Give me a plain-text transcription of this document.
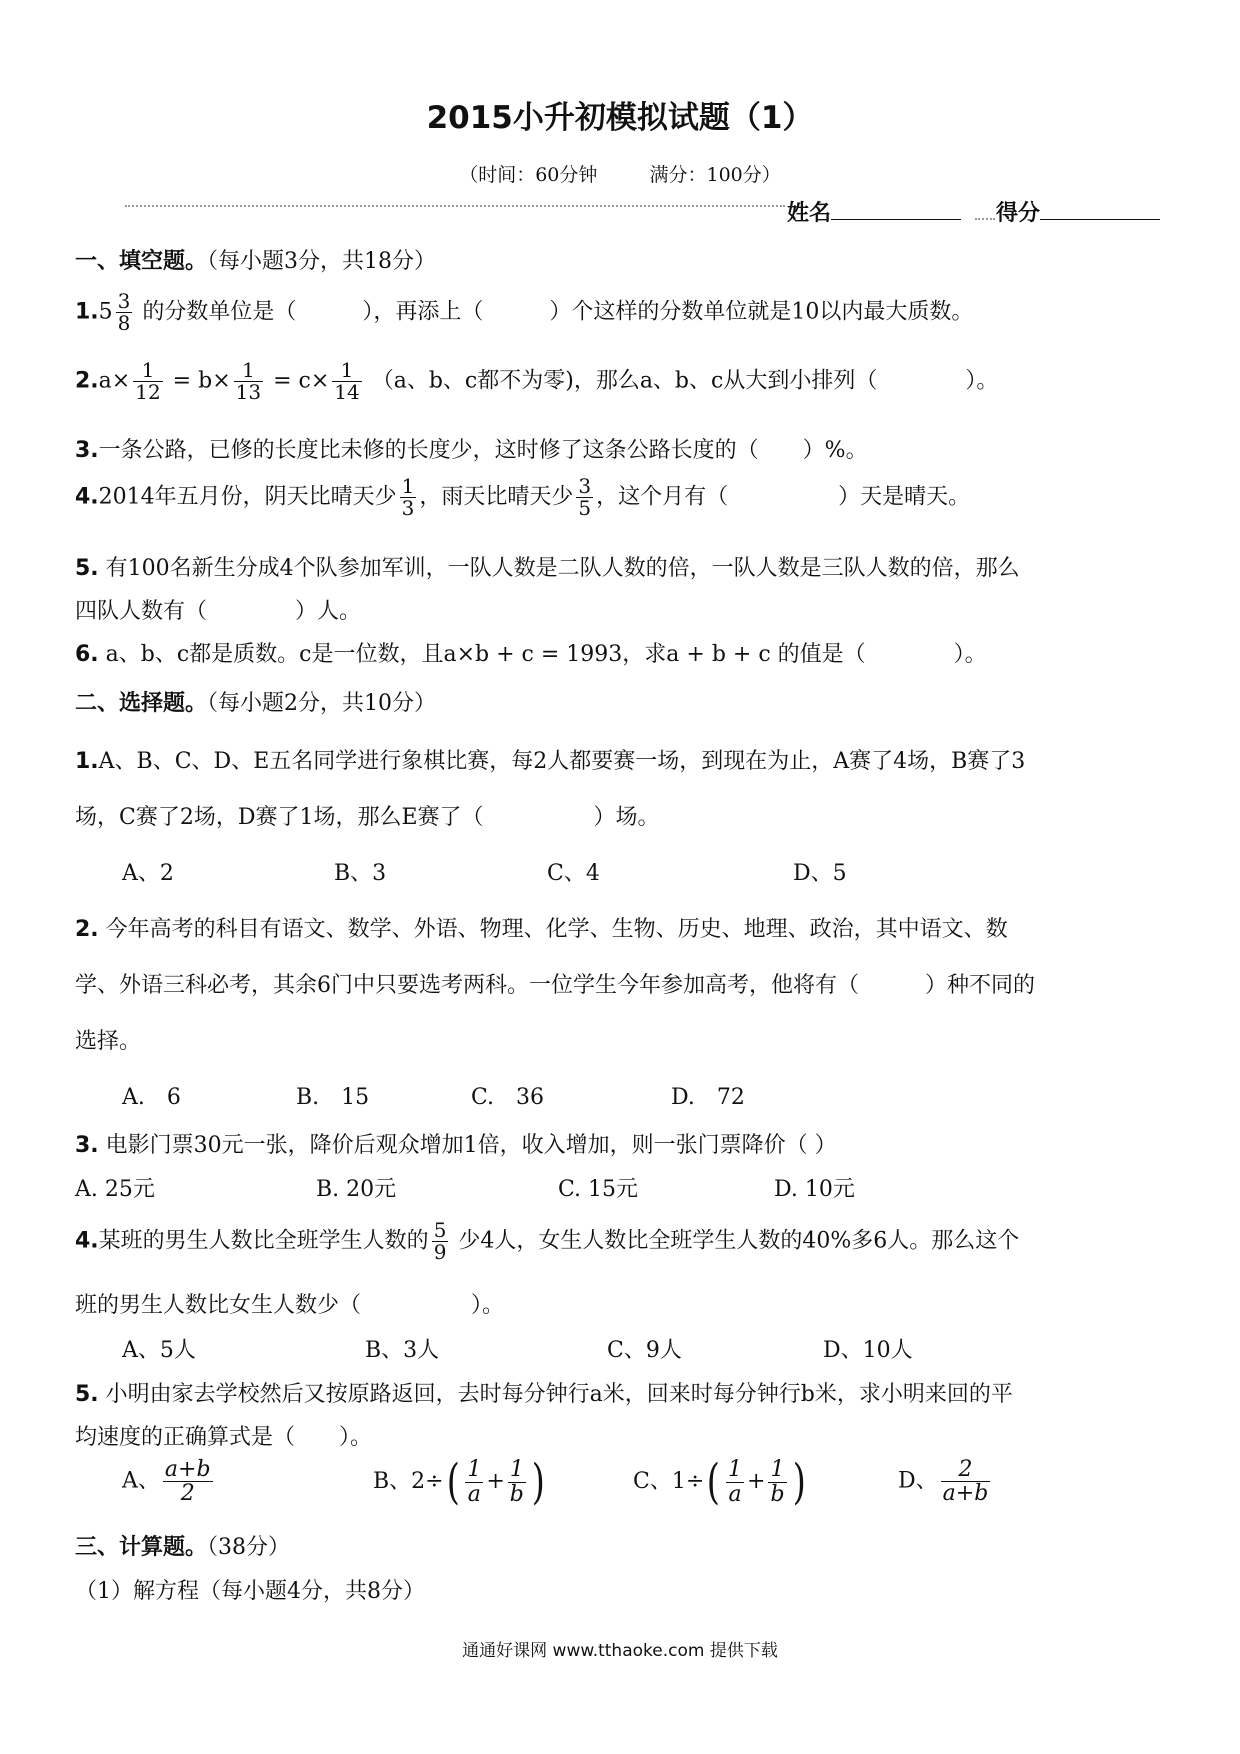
2015小升初模拟试题（1）
（时间：60分钟	满分：100分）
姓名	得分
一、填空题。（每小题3分，共18分）
$1.5 \frac{3}{8}$ 的分数单位是（　　　），再添上（　　　）个这样的分数单位就是10以内最大质数。
$2.a\times \frac{1}{12} = b\times \frac{1}{13} = c\times \frac{1}{14} (a$、b、c都不为零)，那么a、b、c从大到小排列（　　　　）。
3.一条公路，已修的长度比未修的长度少，这时修了这条公路长度的（　　）%。
4.2014年五月份，阴天比晴天少 $\frac{1}{3}$ ，雨天比晴天少 $\frac{3}{5}$ ，这个月有（　　　　　）天是晴天。
5. 有100名新生分成4个队参加军训，一队人数是二队人数的倍，一队人数是三队人数的倍，那么
四队人数有（　　　　）人。
6. a、b、c都是质数。c是一位数，且a×b + c = 1993，求a + b + c 的值是（　　　　）。
二、选择题。（每小题2分，共10分）
1.A、B、C、D、E五名同学进行象棋比赛，每2人都要赛一场，到现在为止，A赛了4场，B赛了3
场，C赛了2场，D赛了1场，那么E赛了（　　　　　）场。
A、2	B、3	C、4	D、5
2. 今年高考的科目有语文、数学、外语、物理、化学、生物、历史、地理、政治，其中语文、数
学、外语三科必考，其余6门中只要选考两科。一位学生今年参加高考，他将有（　　　）种不同的
选择。
A.　6	B.　15	C.　36	D.　72
3. 电影门票30元一张，降价后观众增加1倍，收入增加，则一张门票降价（ ）
A. 25元	B. 20元	C. 15元	D. 10元
4.某班的男生人数比全班学生人数的 $\frac{5}{9}$ 少4人，女生人数比全班学生人数的40%多6人。那么这个
班的男生人数比女生人数少（　　　　　）。
A、5人	B、3人	C、9人	D、10人
5. 小明由家去学校然后又按原路返回，去时每分钟行a米，回来时每分钟行b米，求小明来回的平
均速度的正确算式是（　　）。
A、 $\frac{a+b}{2}$	B、$2\div( \frac{1}{a} + \frac{1}{b}$ )	C、$1\div( \frac{1}{a} + \frac{1}{b}$ )	D、 $\frac{2}{a+b}$
三、计算题。（38分）
（1）解方程（每小题4分，共8分）
通通好课网 www.tthaoke.com 提供下载
